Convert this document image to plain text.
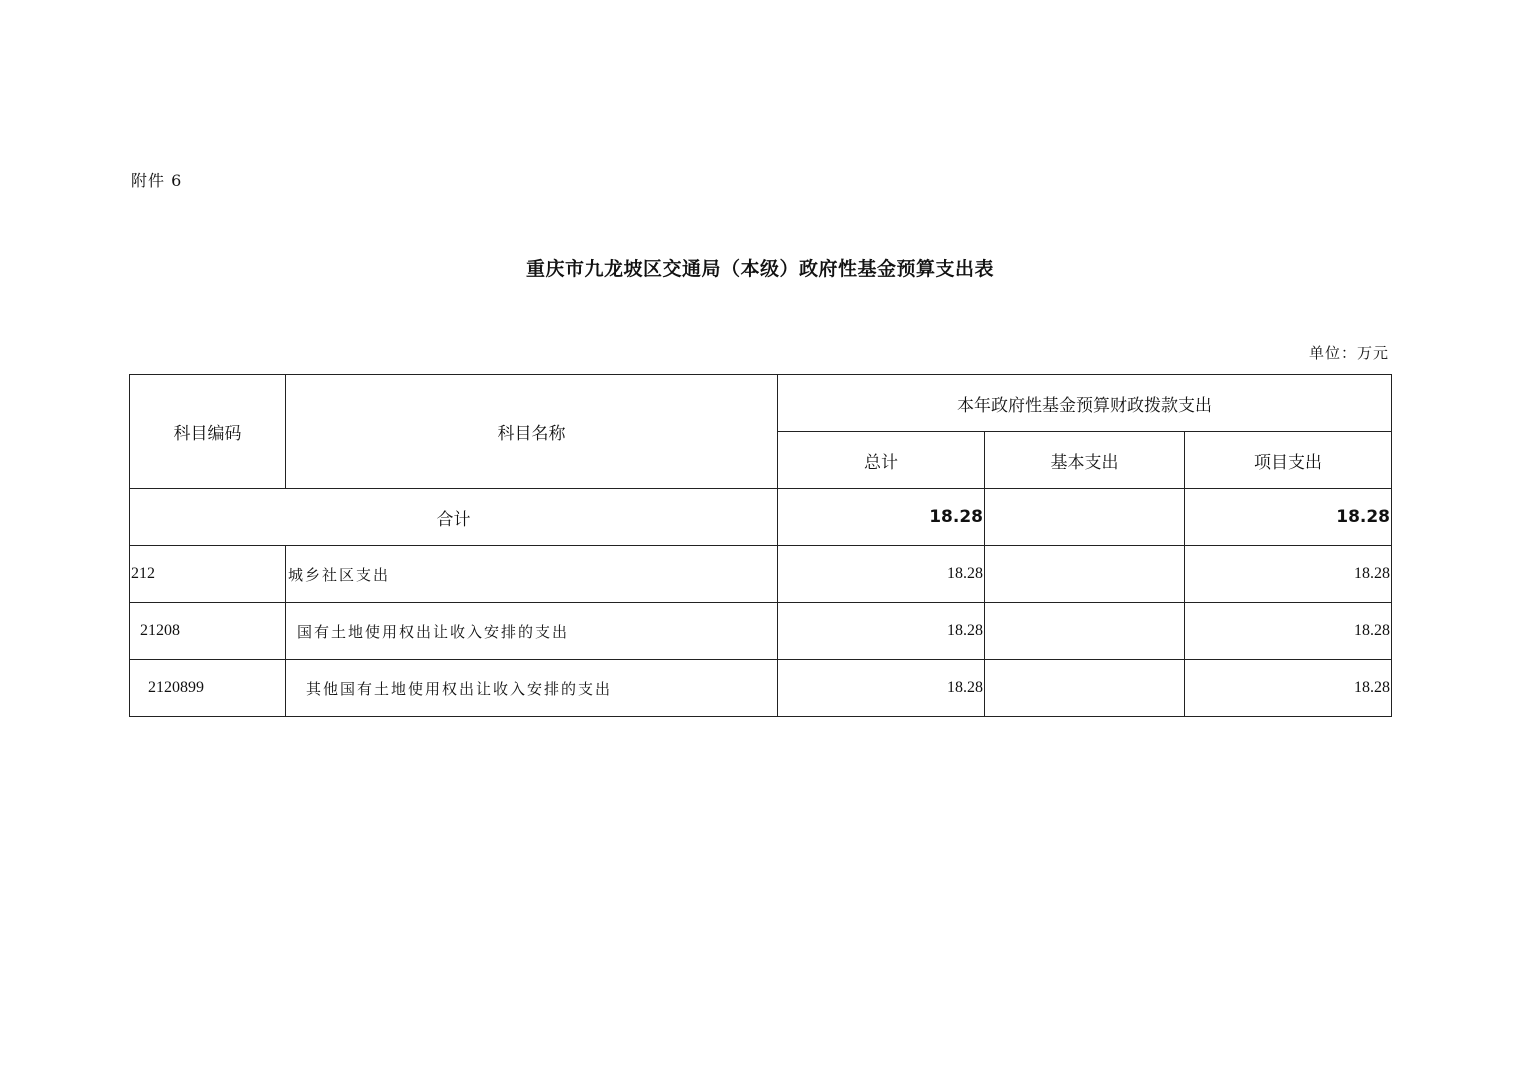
附件 6
重庆市九龙坡区交通局（本级）政府性基金预算支出表
单位：万元
科目编码	科目名称	本年政府性基金预算财政拨款支出		
		总计	基本支出	项目支出
合计		18.28		18.28
212	城乡社区支出	18.28		18.28
21208	国有土地使用权出让收入安排的支出	18.28		18.28
2120899	其他国有土地使用权出让收入安排的支出	18.28		18.28
